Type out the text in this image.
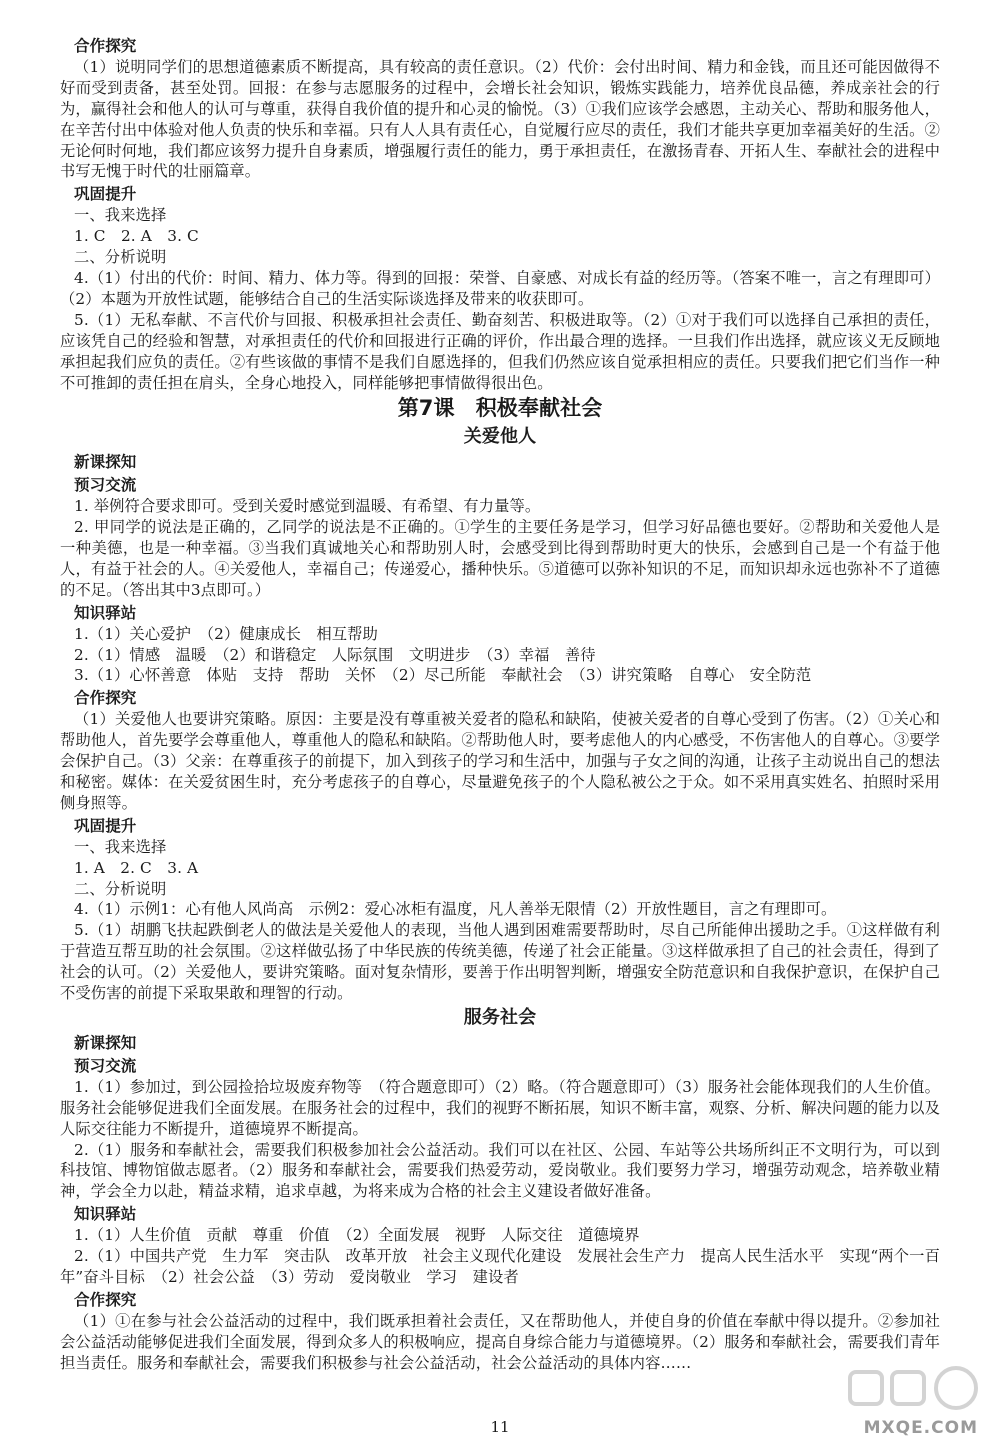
合作探究
（1）说明同学们的思想道德素质不断提高，具有较高的责任意识。（2）代价：会付出时间、精力和金钱，而且还可能因做得不好而受到责备，甚至处罚。回报：在参与志愿服务的过程中，会增长社会知识，锻炼实践能力，培养优良品德，养成亲社会的行为，赢得社会和他人的认可与尊重，获得自我价值的提升和心灵的愉悦。（3）①我们应该学会感恩，主动关心、帮助和服务他人，在辛苦付出中体验对他人负责的快乐和幸福。只有人人具有责任心，自觉履行应尽的责任，我们才能共享更加幸福美好的生活。②无论何时何地，我们都应该努力提升自身素质，增强履行责任的能力，勇于承担责任，在激扬青春、开拓人生、奉献社会的进程中书写无愧于时代的壮丽篇章。
巩固提升
一、我来选择
1. C　2. A　3. C
二、分析说明
4.（1）付出的代价：时间、精力、体力等。得到的回报：荣誉、自豪感、对成长有益的经历等。（答案不唯一，言之有理即可）（2）本题为开放性试题，能够结合自己的生活实际谈选择及带来的收获即可。
5.（1）无私奉献、不言代价与回报、积极承担社会责任、勤奋刻苦、积极进取等。（2）①对于我们可以选择自己承担的责任，应该凭自己的经验和智慧，对承担责任的代价和回报进行正确的评价，作出最合理的选择。一旦我们作出选择，就应该义无反顾地承担起我们应负的责任。②有些该做的事情不是我们自愿选择的，但我们仍然应该自觉承担相应的责任。只要我们把它们当作一种不可推卸的责任担在肩头，全身心地投入，同样能够把事情做得很出色。
第7课　积极奉献社会
关爱他人
新课探知
预习交流
1. 举例符合要求即可。受到关爱时感觉到温暖、有希望、有力量等。
2. 甲同学的说法是正确的，乙同学的说法是不正确的。①学生的主要任务是学习，但学习好品德也要好。②帮助和关爱他人是一种美德，也是一种幸福。③当我们真诚地关心和帮助别人时，会感受到比得到帮助时更大的快乐，会感到自己是一个有益于他人，有益于社会的人。④关爱他人，幸福自己；传递爱心，播种快乐。⑤道德可以弥补知识的不足，而知识却永远也弥补不了道德的不足。（答出其中3点即可。）
知识驿站
1.（1）关心爱护　（2）健康成长　相互帮助
2.（1）情感　温暖　（2）和谐稳定　人际氛围　文明进步　（3）幸福　善待
3.（1）心怀善意　体贴　支持　帮助　关怀　（2）尽己所能　奉献社会　（3）讲究策略　自尊心　安全防范
合作探究
（1）关爱他人也要讲究策略。原因：主要是没有尊重被关爱者的隐私和缺陷，使被关爱者的自尊心受到了伤害。（2）①关心和帮助他人，首先要学会尊重他人，尊重他人的隐私和缺陷。②帮助他人时，要考虑他人的内心感受，不伤害他人的自尊心。③要学会保护自己。（3）父亲：在尊重孩子的前提下，加入到孩子的学习和生活中，加强与子女之间的沟通，让孩子主动说出自己的想法和秘密。媒体：在关爱贫困生时，充分考虑孩子的自尊心，尽量避免孩子的个人隐私被公之于众。如不采用真实姓名、拍照时采用侧身照等。
巩固提升
一、我来选择
1. A　2. C　3. A
二、分析说明
4.（1）示例1：心有他人风尚高　示例2：爱心冰柜有温度，凡人善举无限情（2）开放性题目，言之有理即可。
5.（1）胡鹏飞扶起跌倒老人的做法是关爱他人的表现，当他人遇到困难需要帮助时，尽自己所能伸出援助之手。①这样做有利于营造互帮互助的社会氛围。②这样做弘扬了中华民族的传统美德，传递了社会正能量。③这样做承担了自己的社会责任，得到了社会的认可。（2）关爱他人，要讲究策略。面对复杂情形，要善于作出明智判断，增强安全防范意识和自我保护意识，在保护自己不受伤害的前提下采取果敢和理智的行动。
服务社会
新课探知
预习交流
1.（1）参加过，到公园捡拾垃圾废弃物等　（符合题意即可）（2）略。（符合题意即可）（3）服务社会能体现我们的人生价值。服务社会能够促进我们全面发展。在服务社会的过程中，我们的视野不断拓展，知识不断丰富，观察、分析、解决问题的能力以及人际交往能力不断提升，道德境界不断提高。
2.（1）服务和奉献社会，需要我们积极参加社会公益活动。我们可以在社区、公园、车站等公共场所纠正不文明行为，可以到科技馆、博物馆做志愿者。（2）服务和奉献社会，需要我们热爱劳动，爱岗敬业。我们要努力学习，增强劳动观念，培养敬业精神，学会全力以赴，精益求精，追求卓越，为将来成为合格的社会主义建设者做好准备。
知识驿站
1.（1）人生价值　贡献　尊重　价值　（2）全面发展　视野　人际交往　道德境界
2.（1）中国共产党　生力军　突击队　改革开放　社会主义现代化建设　发展社会生产力　提高人民生活水平　实现“两个一百年”奋斗目标　（2）社会公益　（3）劳动　爱岗敬业　学习　建设者
合作探究
（1）①在参与社会公益活动的过程中，我们既承担着社会责任，又在帮助他人，并使自身的价值在奉献中得以提升。②参加社会公益活动能够促进我们全面发展，得到众多人的积极响应，提高自身综合能力与道德境界。（2）服务和奉献社会，需要我们青年担当责任。服务和奉献社会，需要我们积极参与社会公益活动，社会公益活动的具体内容……
11	MXQE.COM
